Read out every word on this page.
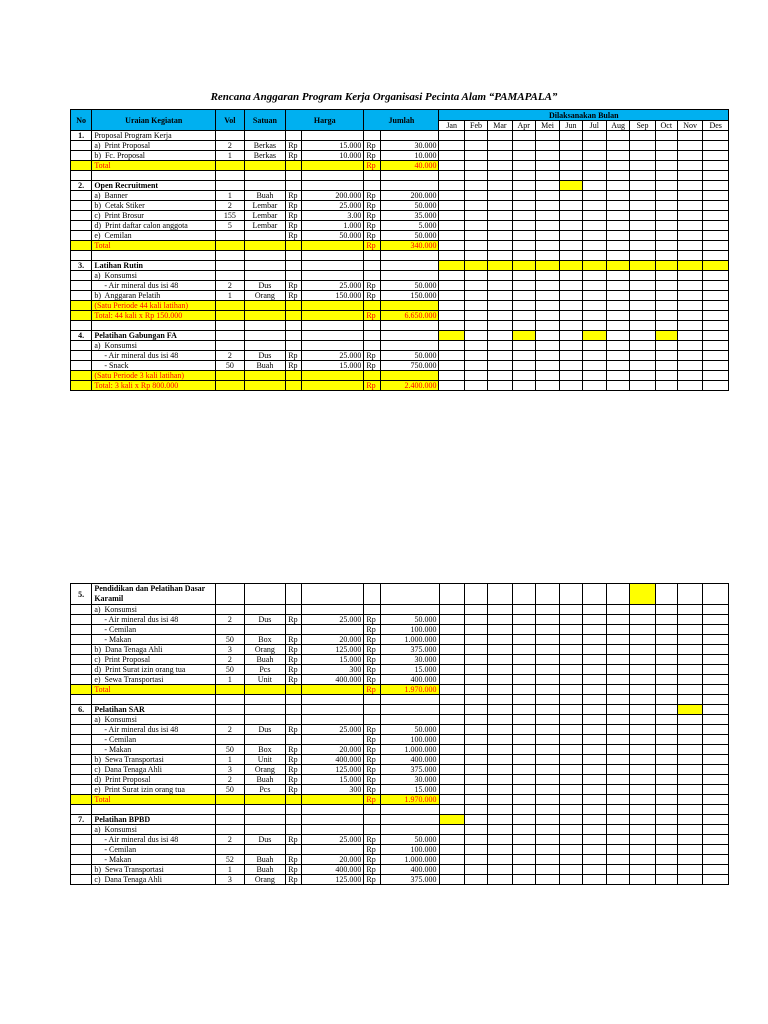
Rencana Anggaran Program Kerja Organisasi Pecinta Alam “PAMAPALA”
No	Uraian Kegiatan	Vol	Satuan	Harga		Jumlah		Dilaksanakan Bulan											
								Jan	Feb	Mar	Apr	Mei	Jun	Jul	Aug	Sep	Oct	Nov	Des
1.	Proposal Program Kerja																		
	a)  Print Proposal	2	Berkas	Rp	15.000	Rp	30.000												
	b)  Fc. Proposal	1	Berkas	Rp	10.000	Rp	10.000												
	Total					Rp	40.000												

2.	Open Recruitment																		
	a)  Banner	1	Buah	Rp	200.000	Rp	200.000												
	b)  Cetak Stiker	2	Lembar	Rp	25.000	Rp	50.000												
	c)  Print Brosur	155	Lembar	Rp	3.00	Rp	35.000												
	d)  Print daftar calon anggota	5	Lembar	Rp	1.000	Rp	5.000												
	e)  Cemilan			Rp	50.000	Rp	50.000												
	Total					Rp	340.000												

3.	Latihan Rutin																		
	a)  Konsumsi																		
	- Air mineral dus isi 48	2	Dus	Rp	25.000	Rp	50.000												
	b)  Anggaran Pelatih	1	Orang	Rp	150.000	Rp	150.000												
	(Satu Periode 44 kali latihan)																		
	Total: 44 kali x Rp 150.000					Rp	6.650.000												

4.	Pelatihan Gabungan FA																		
	a)  Konsumsi																		
	- Air mineral dus isi 48	2	Dus	Rp	25.000	Rp	50.000												
	- Snack	50	Buah	Rp	15.000	Rp	750.000												
	(Satu Periode 3 kali latihan)																		
	Total: 3 kali x Rp 800.000					Rp	2.400.000												
5.	Pendidikan dan Pelatihan Dasar Karamil																		
	a)  Konsumsi																		
	- Air mineral dus isi 48	2	Dus	Rp	25.000	Rp	50.000												
	- Cemilan					Rp	100.000												
	- Makan	50	Box	Rp	20.000	Rp	1.000.000												
	b)  Dana Tenaga Ahli	3	Orang	Rp	125.000	Rp	375.000												
	c)  Print Proposal	2	Buah	Rp	15.000	Rp	30.000												
	d)  Print Surat izin orang tua	50	Pcs	Rp	300	Rp	15.000												
	e)  Sewa Transportasi	1	Unit	Rp	400.000	Rp	400.000												
	Total					Rp	1.970.000												

6.	Pelatihan SAR																		
	a)  Konsumsi																		
	- Air mineral dus isi 48	2	Dus	Rp	25.000	Rp	50.000												
	- Cemilan					Rp	100.000												
	- Makan	50	Box	Rp	20.000	Rp	1.000.000												
	b)  Sewa Transportasi	1	Unit	Rp	400.000	Rp	400.000												
	c)  Dana Tenaga Ahli	3	Orang	Rp	125.000	Rp	375.000												
	d)  Print Proposal	2	Buah	Rp	15.000	Rp	30.000												
	e)  Print Surat izin orang tua	50	Pcs	Rp	300	Rp	15.000												
	Total					Rp	1.970.000												

7.	Pelatihan BPBD																		
	a)  Konsumsi																		
	- Air mineral dus isi 48	2	Dus	Rp	25.000	Rp	50.000												
	- Cemilan					Rp	100.000												
	- Makan	52	Buah	Rp	20.000	Rp	1.000.000												
	b)  Sewa Transportasi	1	Buah	Rp	400.000	Rp	400.000												
	c)  Dana Tenaga Ahli	3	Orang	Rp	125.000	Rp	375.000												
